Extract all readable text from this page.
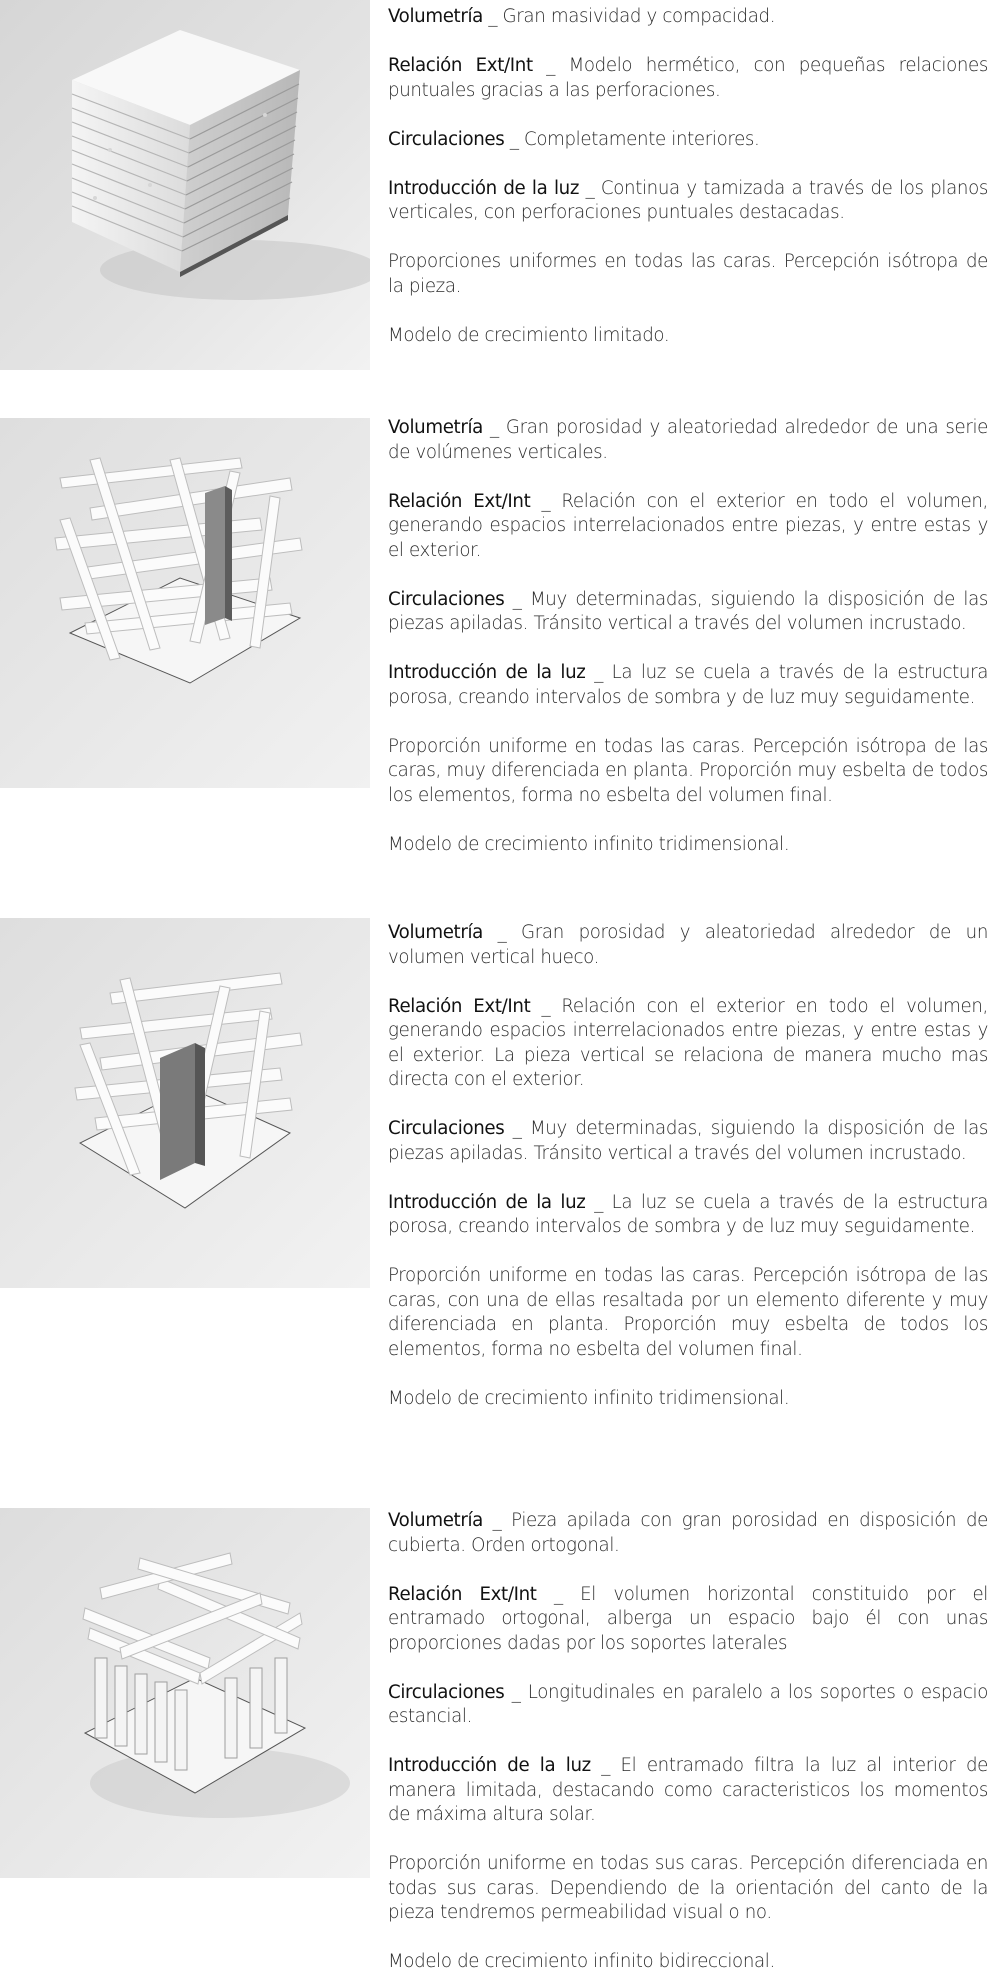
Volumetría _ Gran masividad y compacidad.

Relación Ext/Int _ Modelo hermético, con pequeñas relaciones puntuales gracias a las perforaciones.

Circulaciones _ Completamente interiores.

Introducción de la luz _ Continua y tamizada a través de los planos verticales, con perforaciones puntuales destacadas.

Proporciones uniformes en todas las caras. Percepción isótropa de la pieza.

Modelo de crecimiento limitado.

Volumetría _ Gran porosidad y aleatoriedad alrededor de una serie de volúmenes verticales.

Relación Ext/Int _ Relación con el exterior en todo el volumen, generando espacios interrelacionados entre piezas, y entre estas y el exterior.

Circulaciones _ Muy determinadas, siguiendo la disposición de las piezas apiladas. Tránsito vertical a través del volumen incrustado.

Introducción de la luz _ La luz se cuela a través de la estructura porosa, creando intervalos de sombra y de luz muy seguidamente.

Proporción uniforme en todas las caras. Percepción isótropa de las caras, muy diferenciada en planta. Proporción muy esbelta de todos los elementos, forma no esbelta del volumen final.

Modelo de crecimiento infinito tridimensional.

Volumetría _ Gran porosidad y aleatoriedad alrededor de un volumen vertical hueco.

Relación Ext/Int _ Relación con el exterior en todo el volumen, generando espacios interrelacionados entre piezas, y entre estas y el exterior. La pieza vertical se relaciona de manera mucho mas directa con el exterior.

Circulaciones _ Muy determinadas, siguiendo la disposición de las piezas apiladas. Tránsito vertical a través del volumen incrustado.

Introducción de la luz _ La luz se cuela a través de la estructura porosa, creando intervalos de sombra y de luz muy seguidamente.

Proporción uniforme en todas las caras. Percepción isótropa de las caras, con una de ellas resaltada por un elemento diferente y muy diferenciada en planta. Proporción muy esbelta de todos los elementos, forma no esbelta del volumen final.

Modelo de crecimiento infinito tridimensional.

Volumetría _ Pieza apilada con gran porosidad en disposición de cubierta. Orden ortogonal.

Relación Ext/Int _ El volumen horizontal constituido por el entramado ortogonal, alberga un espacio bajo él con unas proporciones dadas por los soportes laterales

Circulaciones _ Longitudinales en paralelo a los soportes o espacio estancial.

Introducción de la luz _ El entramado filtra la luz al interior de manera limitada, destacando como caracteristicos los momentos de máxima altura solar.

Proporción uniforme en todas sus caras. Percepción diferenciada en todas sus caras. Dependiendo de la orientación del canto de la pieza tendremos permeabilidad visual o no.

Modelo de crecimiento infinito bidireccional.
